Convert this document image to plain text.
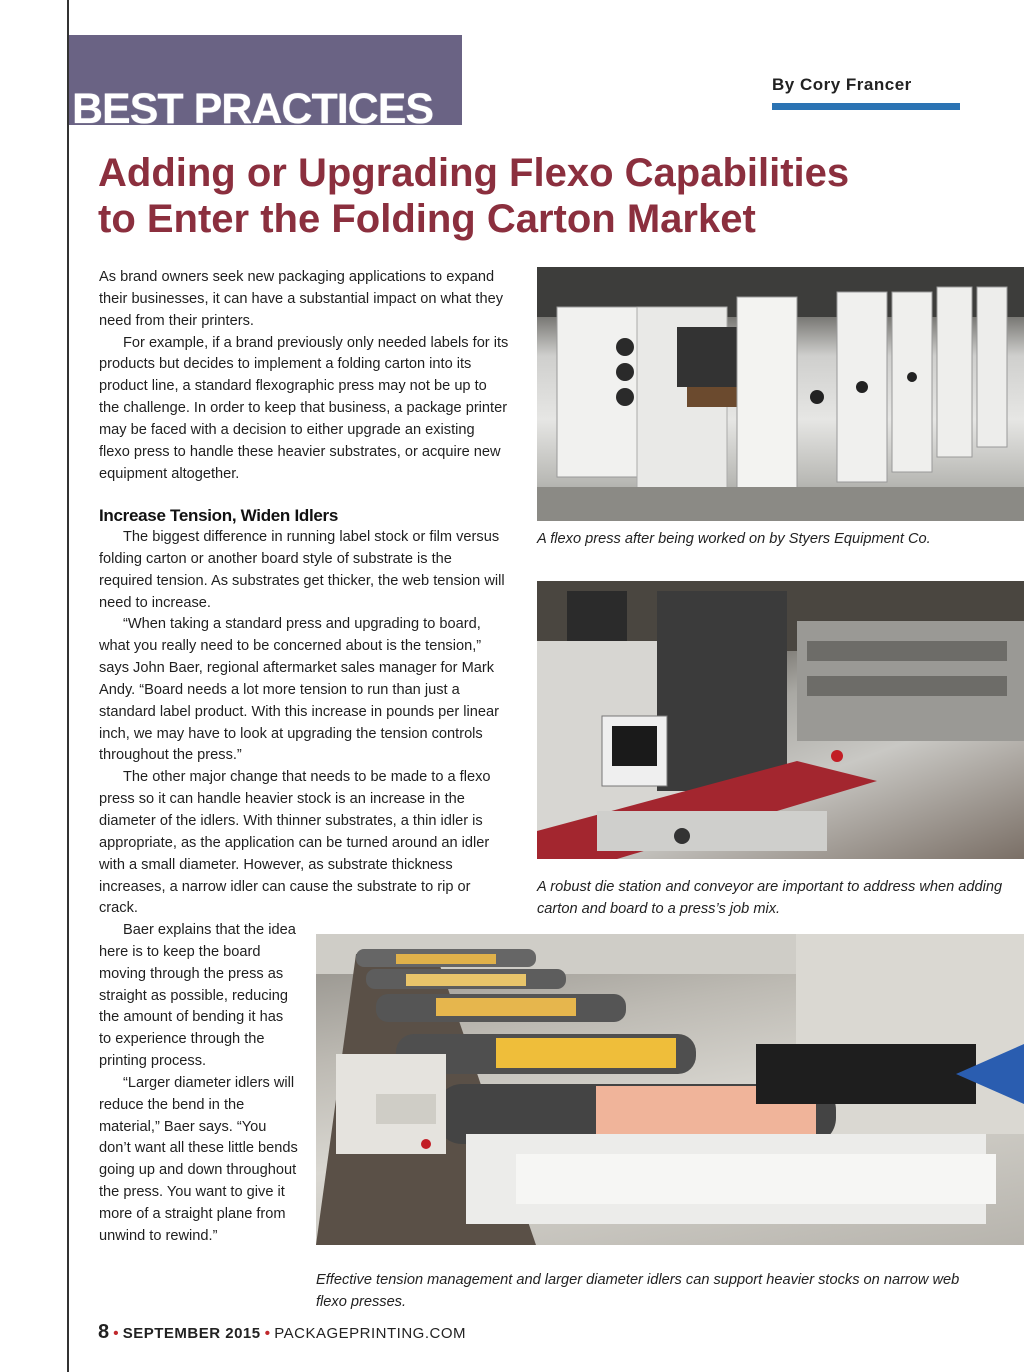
BEST PRACTICES
By Cory Francer
Adding or Upgrading Flexo Capabilities
to Enter the Folding Carton Market

As brand owners seek new packaging applications to expand their businesses, it can have a substantial impact on what they need from their printers.

For example, if a brand previously only needed labels for its products but decides to implement a folding carton into its product line, a standard flexographic press may not be up to the challenge. In order to keep that business, a package printer may be faced with a decision to either upgrade an existing flexo press to handle these heavier substrates, or acquire new equipment altogether.

Increase Tension, Widen Idlers

The biggest difference in running label stock or film versus folding carton or another board style of substrate is the required tension. As substrates get thicker, the web tension will need to increase.

“When taking a standard press and upgrading to board, what you really need to be concerned about is the tension,” says John Baer, regional aftermarket sales manager for Mark Andy. “Board needs a lot more tension to run than just a standard label product. With this increase in pounds per linear inch, we may have to look at upgrading the tension controls throughout the press.”

The other major change that needs to be made to a flexo press so it can handle heavier stock is an increase in the diameter of the idlers. With thinner substrates, a thin idler is appropriate, as the application can be turned around an idler with a small diameter. However, as substrate thickness increases, a narrow idler can cause the substrate to rip or crack.

Baer explains that the idea here is to keep the board moving through the press as straight as possible, reducing the amount of bending it has to experience through the printing process.

“Larger diameter idlers will reduce the bend in the material,” Baer says. “You don’t want all these little bends going up and down throughout the press. You want to give it more of a straight plane from unwind to rewind.”

A flexo press after being worked on by Styers Equipment Co.
A robust die station and conveyor are important to address when adding carton and board to a press’s job mix.
Effective tension management and larger diameter idlers can support heavier stocks on narrow web flexo presses.
8 • SEPTEMBER 2015 • PACKAGEPRINTING.COM
